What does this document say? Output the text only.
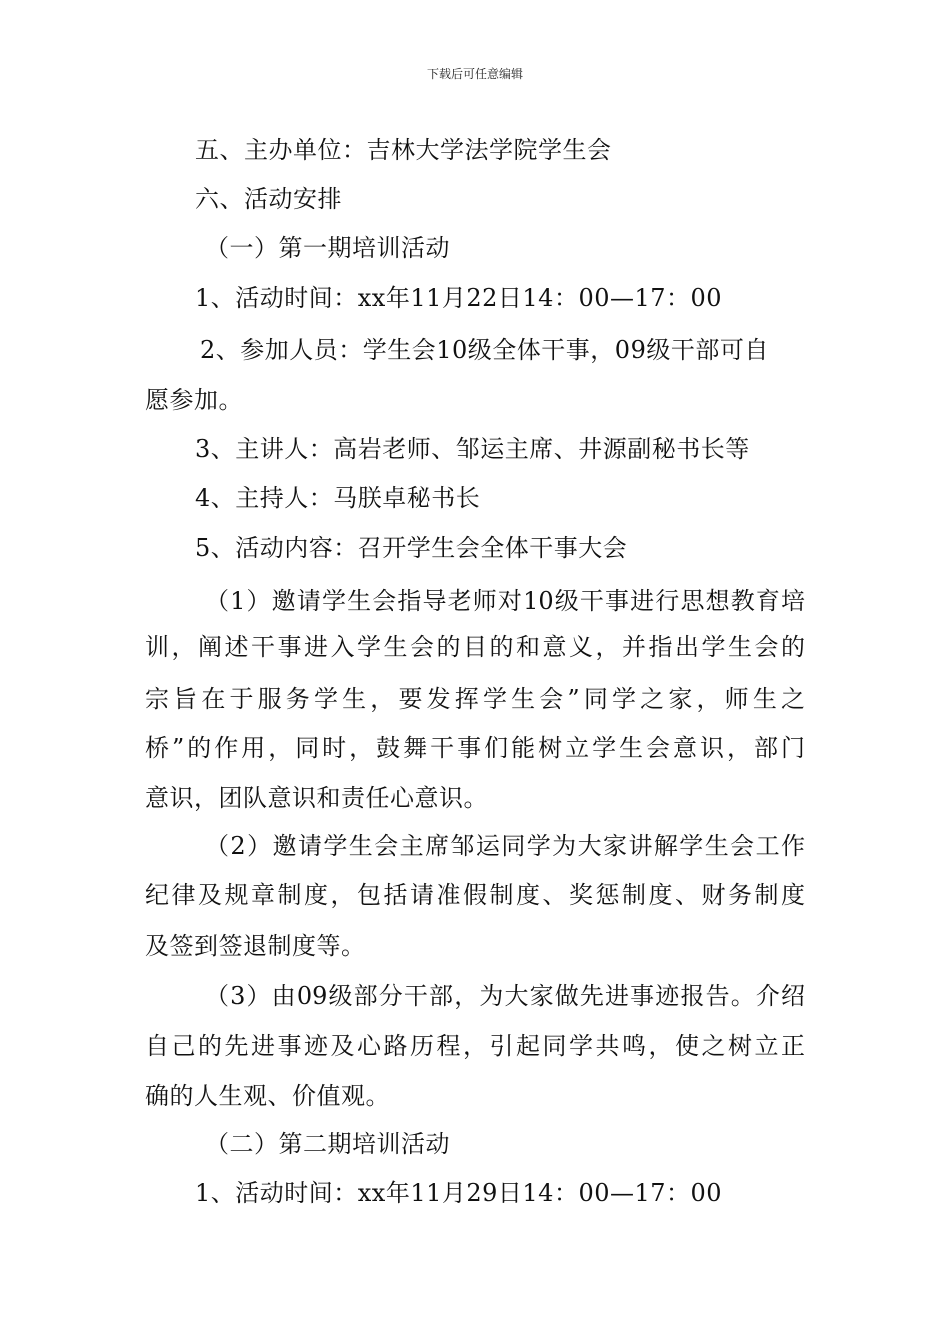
下载后可任意编辑
五、主办单位：吉林大学法学院学生会
六、活动安排
（一）第一期培训活动
1、活动时间：xx年11月22日14：00—17：00
2、参加人员：学生会10级全体干事，09级干部可自
愿参加。
3、主讲人：高岩老师、邹运主席、井源副秘书长等
4、主持人：马朕卓秘书长
5、活动内容：召开学生会全体干事大会
（1）邀请学生会指导老师对10级干事进行思想教育培
训，阐述干事进入学生会的目的和意义，并指出学生会的
宗旨在于服务学生，要发挥学生会”同学之家，师生之
桥”的作用，同时，鼓舞干事们能树立学生会意识，部门
意识，团队意识和责任心意识。
（2）邀请学生会主席邹运同学为大家讲解学生会工作
纪律及规章制度，包括请准假制度、奖惩制度、财务制度
及签到签退制度等。
（3）由09级部分干部，为大家做先进事迹报告。介绍
自己的先进事迹及心路历程，引起同学共鸣，使之树立正
确的人生观、价值观。
（二）第二期培训活动
1、活动时间：xx年11月29日14：00—17：00
